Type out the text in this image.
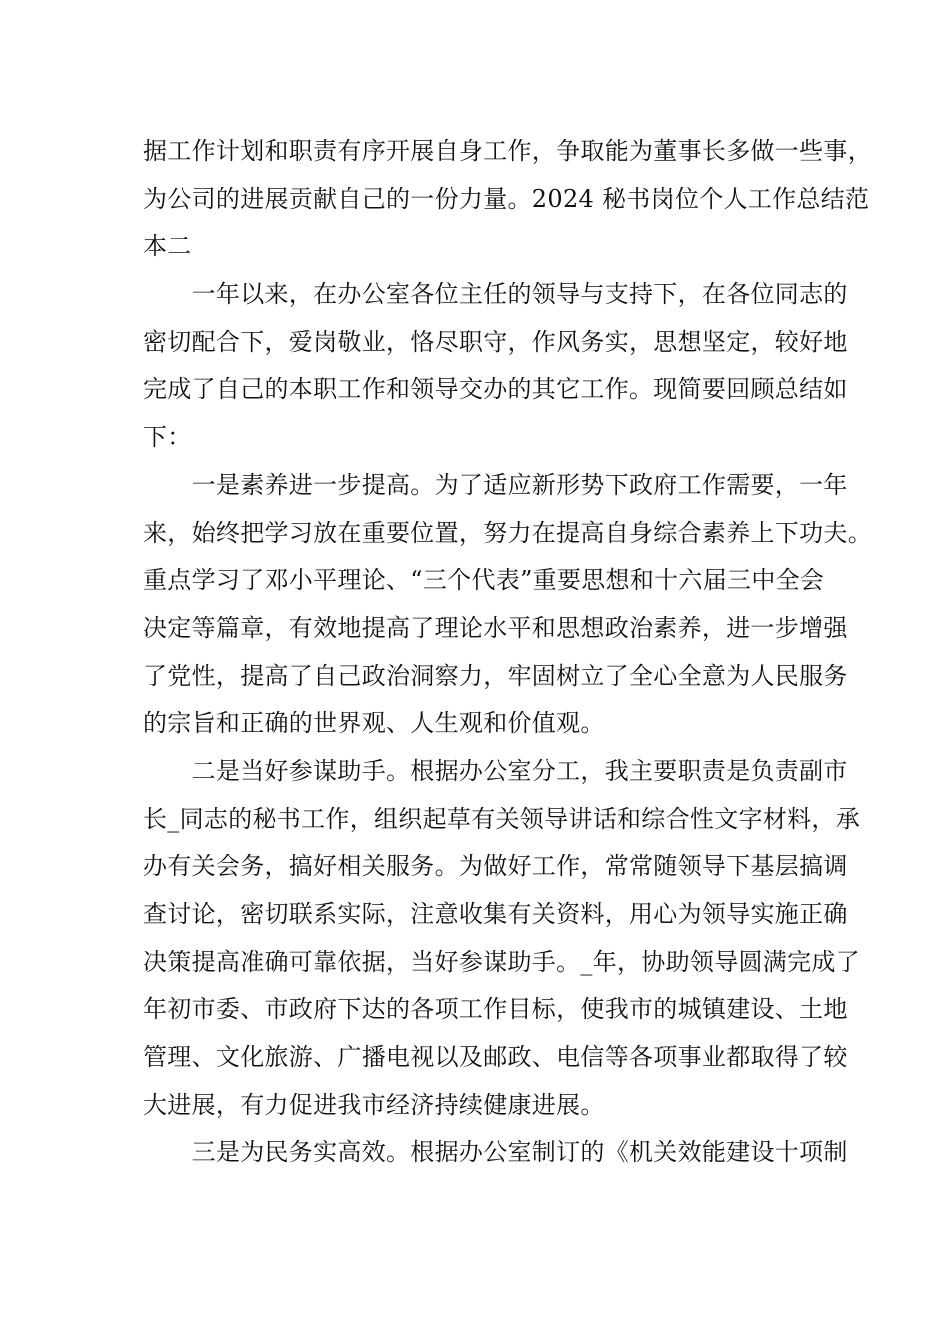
据工作计划和职责有序开展自身工作，争取能为董事长多做一些事，
为公司的进展贡献自己的一份力量。2024 秘书岗位个人工作总结范
本二
　　一年以来，在办公室各位主任的领导与支持下，在各位同志的
密切配合下，爱岗敬业，恪尽职守，作风务实，思想坚定，较好地
完成了自己的本职工作和领导交办的其它工作。现简要回顾总结如
下：
　　一是素养进一步提高。为了适应新形势下政府工作需要，一年
来，始终把学习放在重要位置，努力在提高自身综合素养上下功夫。
重点学习了邓小平理论、“三个代表”重要思想和十六届三中全会
决定等篇章，有效地提高了理论水平和思想政治素养，进一步增强
了党性，提高了自己政治洞察力，牢固树立了全心全意为人民服务
的宗旨和正确的世界观、人生观和价值观。
　　二是当好参谋助手。根据办公室分工，我主要职责是负责副市
长_同志的秘书工作，组织起草有关领导讲话和综合性文字材料，承
办有关会务，搞好相关服务。为做好工作，常常随领导下基层搞调
查讨论，密切联系实际，注意收集有关资料，用心为领导实施正确
决策提高准确可靠依据，当好参谋助手。_年，协助领导圆满完成了
年初市委、市政府下达的各项工作目标，使我市的城镇建设、土地
管理、文化旅游、广播电视以及邮政、电信等各项事业都取得了较
大进展，有力促进我市经济持续健康进展。
　　三是为民务实高效。根据办公室制订的《机关效能建设十项制
